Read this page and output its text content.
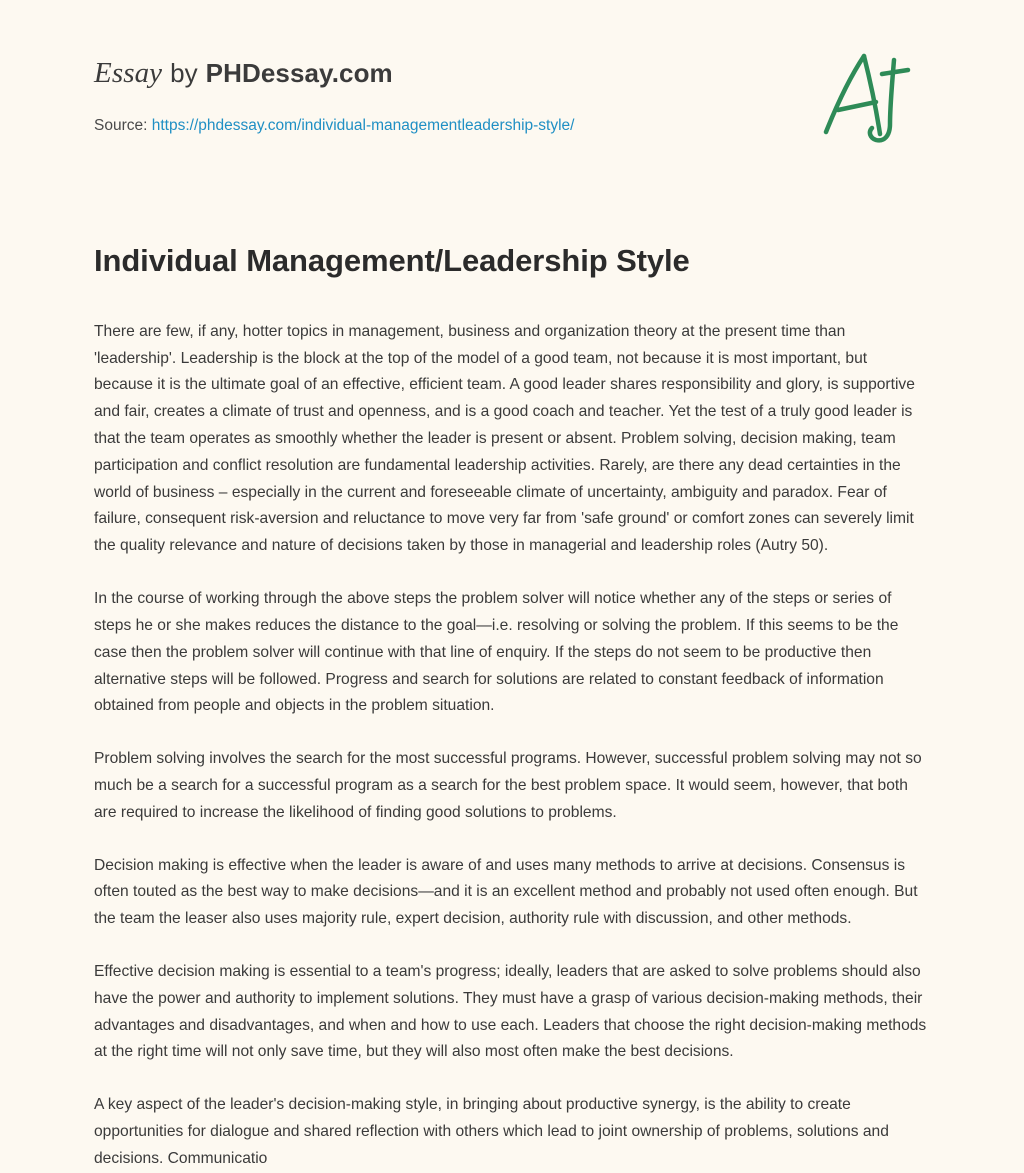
Essay by PHDessay.com
Source: https://phdessay.com/individual-managementleadership-style/
Individual Management/Leadership Style

There are few, if any, hotter topics in management, business and organization theory at the present time than 'leadership'. Leadership is the block at the top of the model of a good team, not because it is most important, but because it is the ultimate goal of an effective, efficient team. A good leader shares responsibility and glory, is supportive and fair, creates a climate of trust and openness, and is a good coach and teacher. Yet the test of a truly good leader is that the team operates as smoothly whether the leader is present or absent. Problem solving, decision making, team participation and conflict resolution are fundamental leadership activities. Rarely, are there any dead certainties in the world of business – especially in the current and foreseeable climate of uncertainty, ambiguity and paradox. Fear of failure, consequent risk-aversion and reluctance to move very far from 'safe ground' or comfort zones can severely limit the quality relevance and nature of decisions taken by those in managerial and leadership roles (Autry 50).

In the course of working through the above steps the problem solver will notice whether any of the steps or series of steps he or she makes reduces the distance to the goal—i.e. resolving or solving the problem. If this seems to be the case then the problem solver will continue with that line of enquiry. If the steps do not seem to be productive then alternative steps will be followed. Progress and search for solutions are related to constant feedback of information obtained from people and objects in the problem situation.

Problem solving involves the search for the most successful programs. However, successful problem solving may not so much be a search for a successful program as a search for the best problem space. It would seem, however, that both are required to increase the likelihood of finding good solutions to problems.

Decision making is effective when the leader is aware of and uses many methods to arrive at decisions. Consensus is often touted as the best way to make decisions—and it is an excellent method and probably not used often enough. But the team the leaser also uses majority rule, expert decision, authority rule with discussion, and other methods.

Effective decision making is essential to a team's progress; ideally, leaders that are asked to solve problems should also have the power and authority to implement solutions. They must have a grasp of various decision-making methods, their advantages and disadvantages, and when and how to use each. Leaders that choose the right decision-making methods at the right time will not only save time, but they will also most often make the best decisions.

A key aspect of the leader's decision-making style, in bringing about productive synergy, is the ability to create opportunities for dialogue and shared reflection with others which lead to joint ownership of problems, solutions and decisions. Communicatio
